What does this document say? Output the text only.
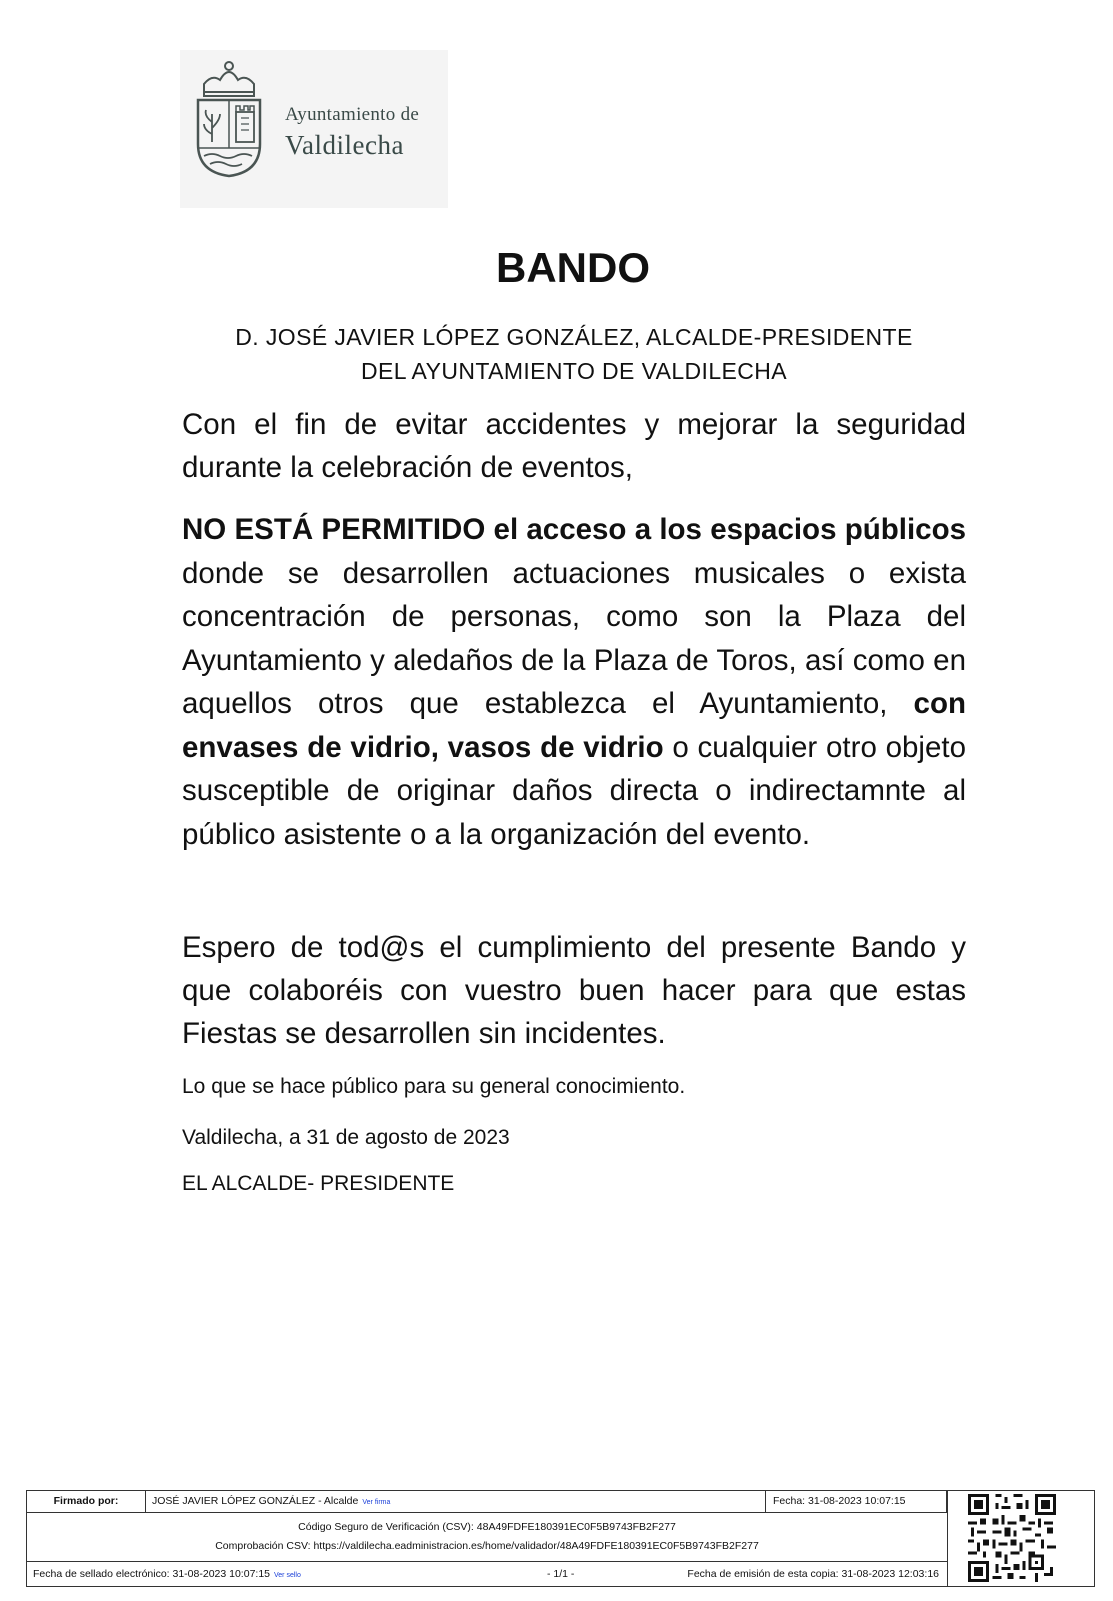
Ayuntamiento de
Valdilecha
BANDO
D. JOSÉ JAVIER LÓPEZ GONZÁLEZ, ALCALDE-PRESIDENTE
DEL AYUNTAMIENTO DE VALDILECHA
Con el fin de evitar accidentes y mejorar la seguridad durante la celebración de eventos,
NO ESTÁ PERMITIDO el acceso a los espacios públicos donde se desarrollen actuaciones musicales o exista concentración de personas, como son la Plaza del Ayuntamiento y aledaños de la Plaza de Toros, así como en aquellos otros que establezca el Ayuntamiento, con envases de vidrio, vasos de vidrio o cualquier otro objeto susceptible de originar daños directa o indirectamnte al público asistente o a la organización del evento.
Espero de tod@s el cumplimiento del presente Bando y que colaboréis con vuestro buen hacer para que estas Fiestas se desarrollen sin incidentes.
Lo que se hace público para su general conocimiento.
Valdilecha, a 31 de agosto de 2023
EL ALCALDE- PRESIDENTE
Firmado por:	JOSÉ JAVIER LÓPEZ GONZÁLEZ - Alcalde Ver firma	Fecha: 31-08-2023 10:07:15
Código Seguro de Verificación (CSV): 48A49FDFE180391EC0F5B9743FB2F277
Comprobación CSV: https://valdilecha.eadministracion.es/home/validador/48A49FDFE180391EC0F5B9743FB2F277
Fecha de sellado electrónico: 31-08-2023 10:07:15 Ver sello	- 1/1 -	Fecha de emisión de esta copia: 31-08-2023 12:03:16
